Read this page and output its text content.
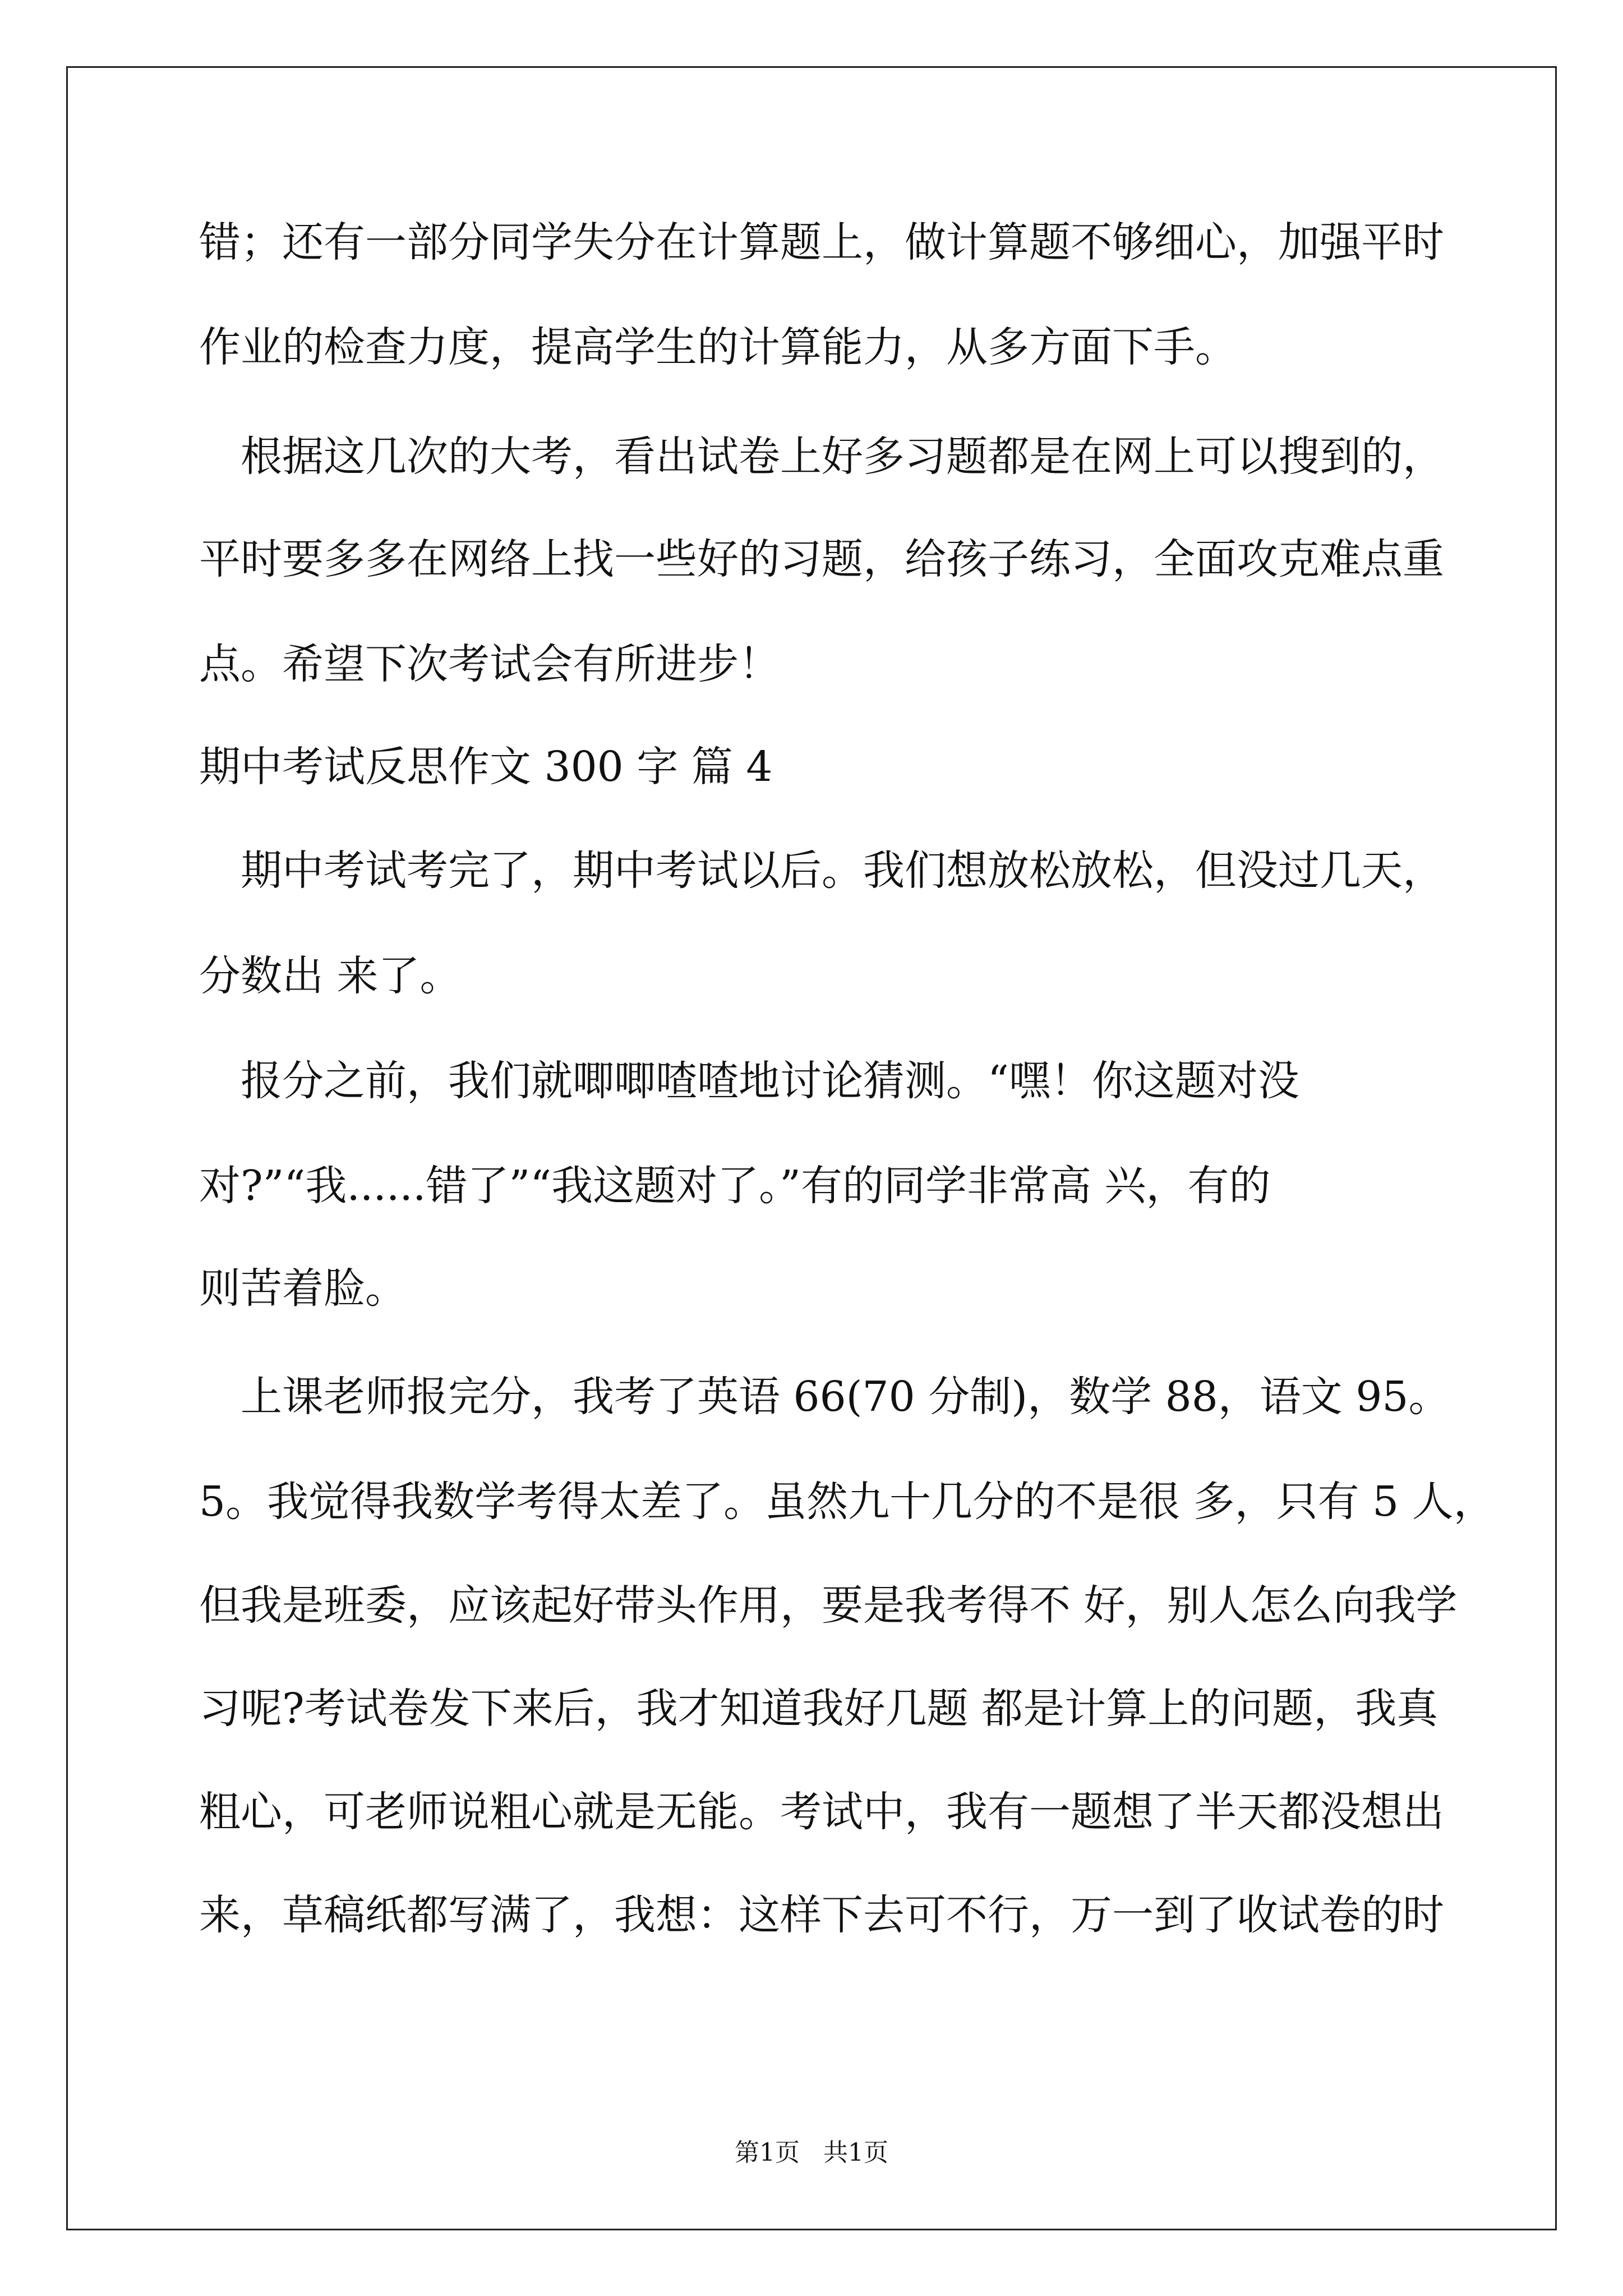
错；还有一部分同学失分在计算题上，做计算题不够细心，加强平时
作业的检查力度，提高学生的计算能力，从多方面下手。
　根据这几次的大考，看出试卷上好多习题都是在网上可以搜到的，
平时要多多在网络上找一些好的习题，给孩子练习，全面攻克难点重
点。希望下次考试会有所进步！
期中考试反思作文 300 字 篇 4
　期中考试考完了，期中考试以后。我们想放松放松，但没过几天，
分数出 来了。
　报分之前，我们就唧唧喳喳地讨论猜测。“嘿！你这题对没
对?”“我......错了”“我这题对了。”有的同学非常高 兴，有的
则苦着脸。
　上课老师报完分，我考了英语 66(70 分制)，数学 88，语文 95。
5。我觉得我数学考得太差了。虽然九十几分的不是很 多，只有 5 人，
但我是班委，应该起好带头作用，要是我考得不 好，别人怎么向我学
习呢?考试卷发下来后，我才知道我好几题 都是计算上的问题，我真
粗心，可老师说粗心就是无能。考试中，我有一题想了半天都没想出
来，草稿纸都写满了，我想：这样下去可不行，万一到了收试卷的时
第1页   共1页
